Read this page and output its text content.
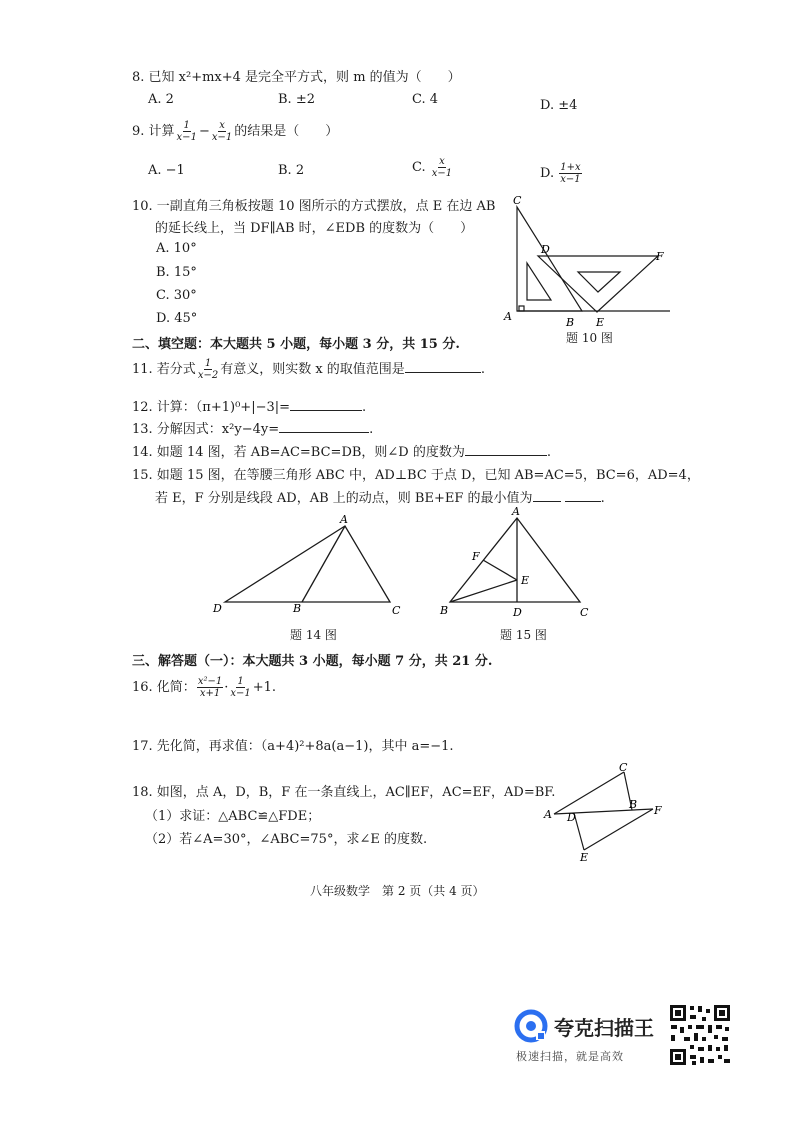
8. 已知 x²+mx+4 是完全平方式，则 m 的值为（　　）
A. 2	B. ±2	C. 4	D. ±4
9. 计算 $\frac{1}{x-1} - \frac{x}{x-1}$ 的结果是（　　）
A. −1	B. 2	C. $\frac{x}{x-1}$	D. $\frac{1+x}{x-1}$
10. 一副直角三角板按题 10 图所示的方式摆放，点 E 在边 AB
的延长线上，当 DF∥AB 时，∠EDB 的度数为（　　）
A. 10°
B. 15°
C. 30°
D. 45°
C
D
F
A	B E
题 10 图
二、填空题：本大题共 5 小题，每小题 3 分，共 15 分.
11. 若分式 $\frac{1}{x-2}$ 有意义，则实数 x 的取值范围是	.
12. 计算：（π+1)⁰+|−3|=	.
13. 分解因式：x²y−4y=	.
14. 如题 14 图，若 AB=AC=BC=DB，则∠D 的度数为	.
15. 如题 15 图，在等腰三角形 ABC 中，AD⊥BC 于点 D，已知 AB=AC=5，BC=6，AD=4，
若 E，F 分别是线段 AD，AB 上的动点，则 BE+EF 的最小值为	.
A
D	B	C
题 14 图
A
F
E
B	D	C
题 15 图
三、解答题（一）：本大题共 3 小题，每小题 7 分，共 21 分.
16. 化简： $\frac{\text{x²−1}}{x+1} \cdot \frac{1}{x-1} +1$.
17. 先化简，再求值：（a+4)²+8a(a−1)，其中 a=−1.
18. 如图，点 A，D，B，F 在一条直线上，AC∥EF，AC=EF，AD=BF.
（1）求证：△ABC≌△FDE；
（2）若∠A=30°，∠ABC=75°，求∠E 的度数.
C
A D
B F
E
八年级数学　第 2 页（共 4 页）
夸克扫描王
极速扫描，就是高效
